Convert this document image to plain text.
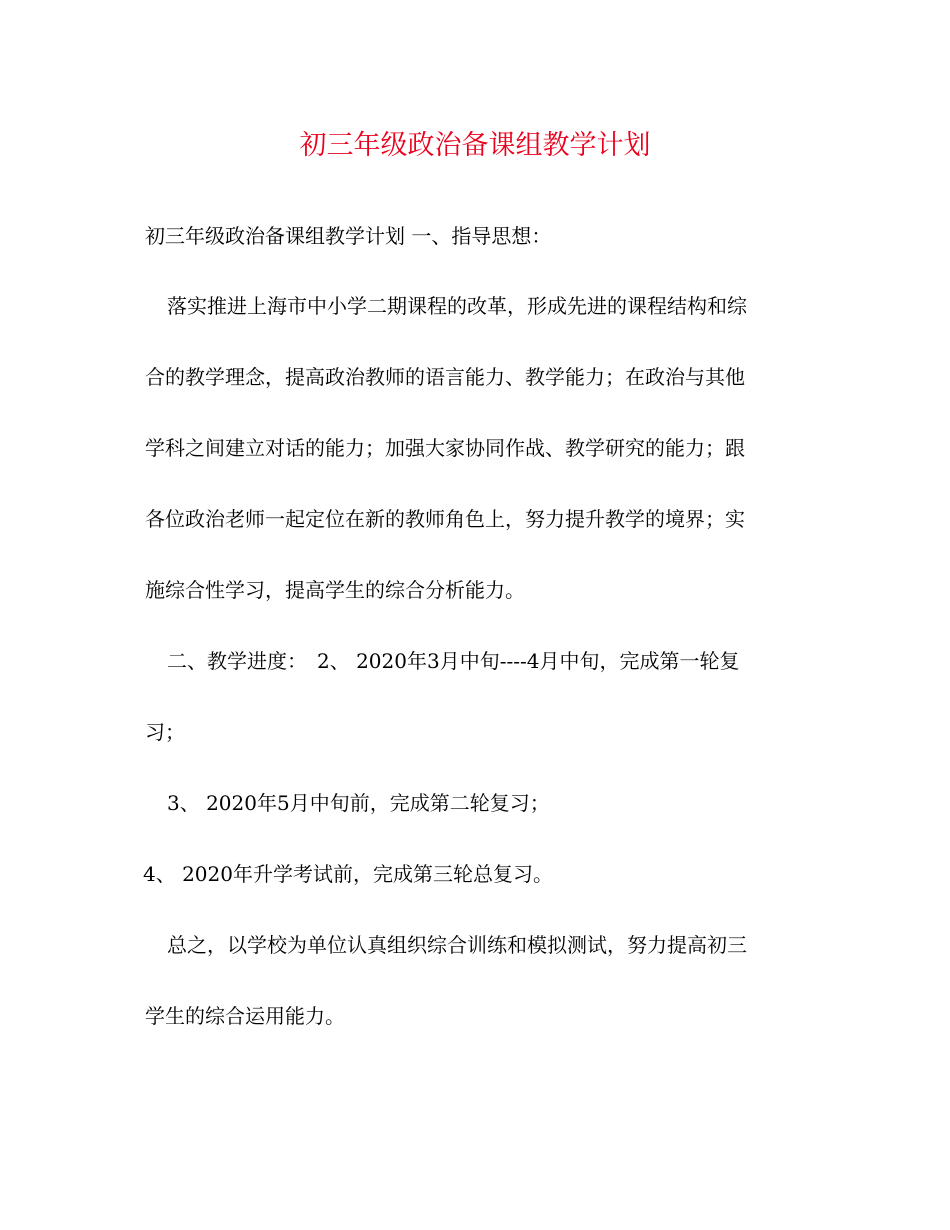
初三年级政治备课组教学计划

初三年级政治备课组教学计划 一、指导思想：

落实推进上海市中小学二期课程的改革，形成先进的课程结构和综

合的教学理念，提高政治教师的语言能力、教学能力；在政治与其他

学科之间建立对话的能力；加强大家协同作战、教学研究的能力；跟

各位政治老师一起定位在新的教师角色上，努力提升教学的境界；实

施综合性学习，提高学生的综合分析能力。

二、教学进度：　2、 2020年3月中旬----4月中旬，完成第一轮复

习；

3、 2020年5月中旬前，完成第二轮复习；

4、 2020年升学考试前，完成第三轮总复习。

总之，以学校为单位认真组织综合训练和模拟测试，努力提高初三

学生的综合运用能力。
